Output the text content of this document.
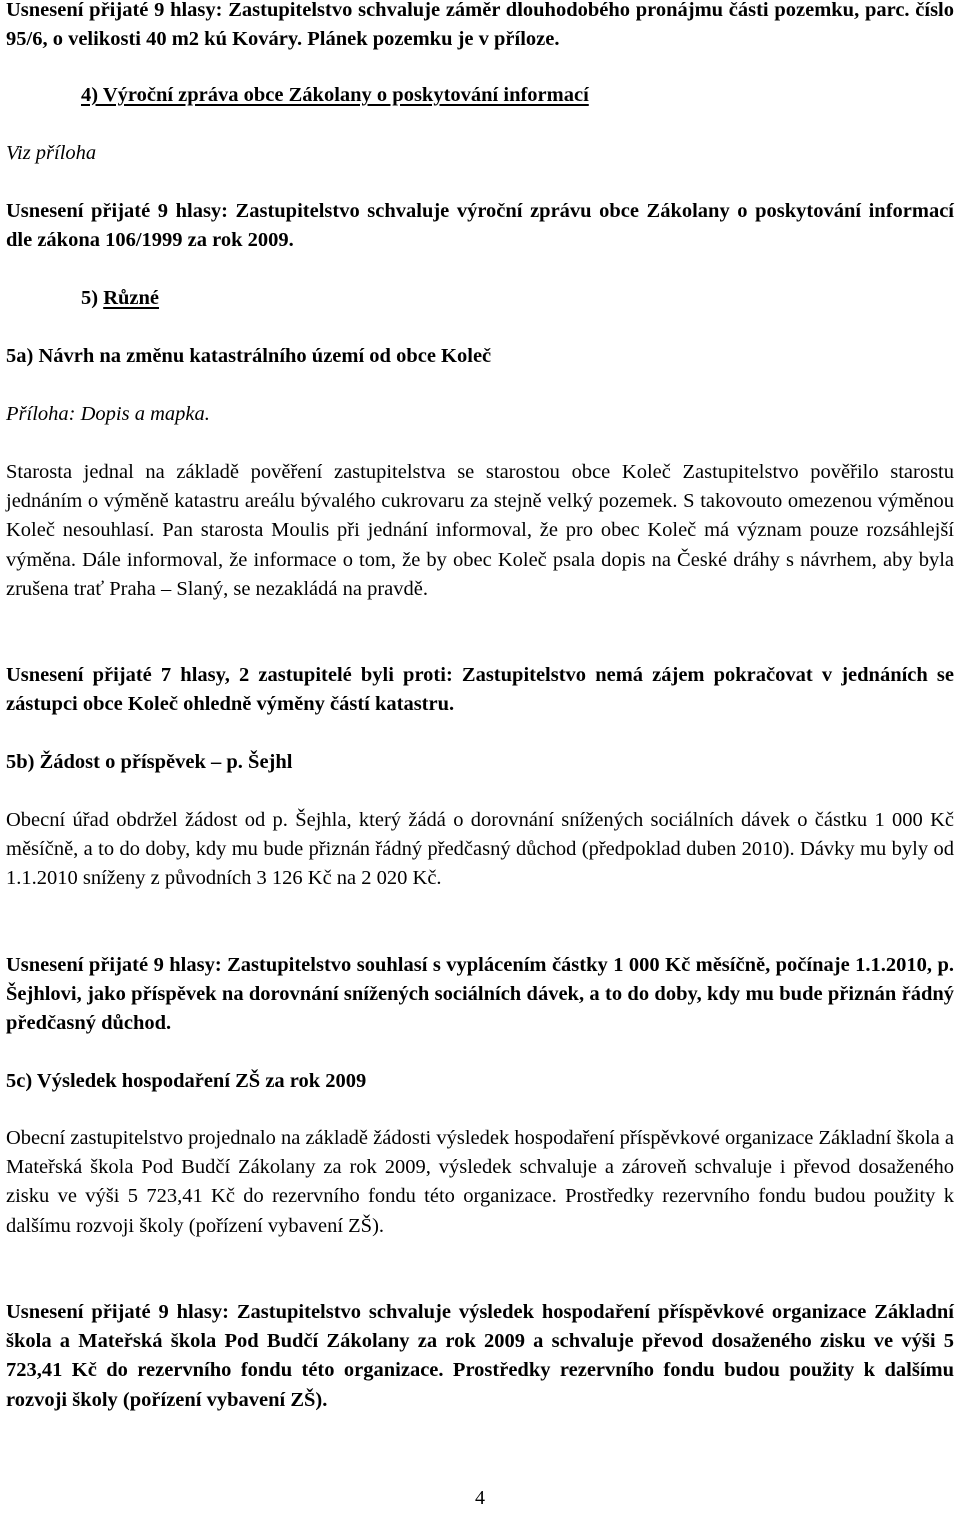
Usnesení přijaté 9 hlasy: Zastupitelstvo schvaluje záměr dlouhodobého pronájmu části pozemku, parc. číslo 95/6, o velikosti 40 m2 kú Kováry. Plánek pozemku je v příloze.

4) Výroční zpráva obce Zákolany o poskytování informací

Viz příloha

Usnesení přijaté 9 hlasy: Zastupitelstvo schvaluje výroční zprávu obce Zákolany o poskytování informací dle zákona 106/1999 za rok 2009.

5) Různé

5a) Návrh na změnu katastrálního území od obce Koleč

Příloha: Dopis a mapka.

Starosta jednal na základě pověření zastupitelstva se starostou obce Koleč Zastupitelstvo pověřilo starostu jednáním o výměně katastru areálu bývalého cukrovaru za stejně velký pozemek. S takovouto omezenou výměnou Koleč nesouhlasí. Pan starosta Moulis při jednání informoval, že pro obec Koleč má význam pouze rozsáhlejší výměna. Dále informoval, že informace o tom, že by obec Koleč psala dopis na České dráhy s návrhem, aby byla zrušena trať Praha – Slaný, se nezakládá na pravdě.

Usnesení přijaté 7 hlasy, 2 zastupitelé byli proti: Zastupitelstvo nemá zájem pokračovat v jednáních se zástupci obce Koleč ohledně výměny částí katastru.

5b) Žádost o příspěvek – p. Šejhl

Obecní úřad obdržel žádost od p. Šejhla, který žádá o dorovnání snížených sociálních dávek o částku 1 000 Kč měsíčně, a to do doby, kdy mu bude přiznán řádný předčasný důchod (předpoklad duben 2010). Dávky mu byly od 1.1.2010 sníženy z původních 3 126 Kč na 2 020 Kč.

Usnesení přijaté 9 hlasy: Zastupitelstvo souhlasí s vyplácením částky 1 000 Kč měsíčně, počínaje 1.1.2010, p. Šejhlovi, jako příspěvek na dorovnání snížených sociálních dávek, a to do doby, kdy mu bude přiznán řádný předčasný důchod.

5c) Výsledek hospodaření ZŠ za rok 2009

Obecní zastupitelstvo projednalo na základě žádosti výsledek hospodaření příspěvkové organizace Základní škola a Mateřská škola Pod Budčí Zákolany za rok 2009, výsledek schvaluje a zároveň schvaluje i převod dosaženého zisku ve výši 5 723,41 Kč do rezervního fondu této organizace. Prostředky rezervního fondu budou použity k dalšímu rozvoji školy (pořízení vybavení ZŠ).

Usnesení přijaté 9 hlasy: Zastupitelstvo schvaluje výsledek hospodaření příspěvkové organizace Základní škola a Mateřská škola Pod Budčí Zákolany za rok 2009 a schvaluje převod dosaženého zisku ve výši 5 723,41 Kč do rezervního fondu této organizace. Prostředky rezervního fondu budou použity k dalšímu rozvoji školy (pořízení vybavení ZŠ).

4
